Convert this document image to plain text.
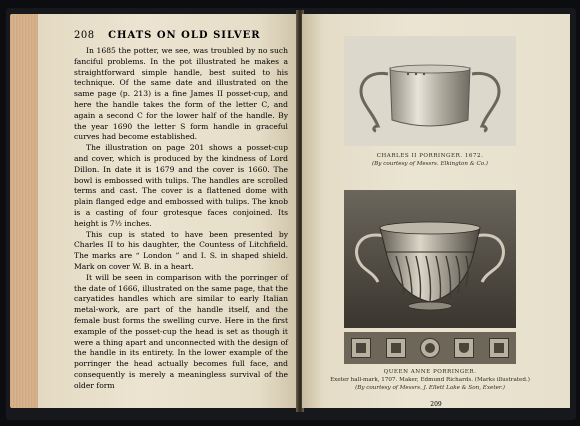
208 CHATS ON OLD SILVER

In 1685 the potter, we see, was troubled by no such fanciful problems. In the pot illustrated he makes a straightforward simple handle, best suited to his technique. Of the same date and illustrated on the same page (p. 213) is a fine James II posset-cup, and here the handle takes the form of the letter C, and again a second C for the lower half of the handle. By the year 1690 the letter S form handle in graceful curves had become established.

The illustration on page 201 shows a posset-cup and cover, which is produced by the kindness of Lord Dillon. In date it is 1679 and the cover is 1660. The bowl is embossed with tulips. The handles are scrolled terms and cast. The cover is a flattened dome with plain flanged edge and embossed with tulips. The knob is a casting of four grotesque faces conjoined. Its height is 7½ inches.

This cup is stated to have been presented by Charles II to his daughter, the Countess of Litchfield. The marks are “ London ” and I. S. in shaped shield. Mark on cover W. B. in a heart.

It will be seen in comparison with the porringer of the date of 1666, illustrated on the same page, that the caryatides handles which are similar to early Italian metal-work, are part of the handle itself, and the female bust forms the swelling curve. Here in the first example of the posset-cup the head is set as though it were a thing apart and unconnected with the design of the handle in its entirety. In the lower example of the porringer the head actually becomes full face, and consequently is merely a meaningless survival of the older form

CHARLES II PORRINGER. 1672.
(By courtesy of Messrs. Elkington & Co.)
QUEEN ANNE PORRINGER.
Exeter hall-mark, 1707. Maker, Edmund Richards. (Marks illustrated.)
(By courtesy of Messrs. J. Ellett Lake & Son, Exeter.)
209
